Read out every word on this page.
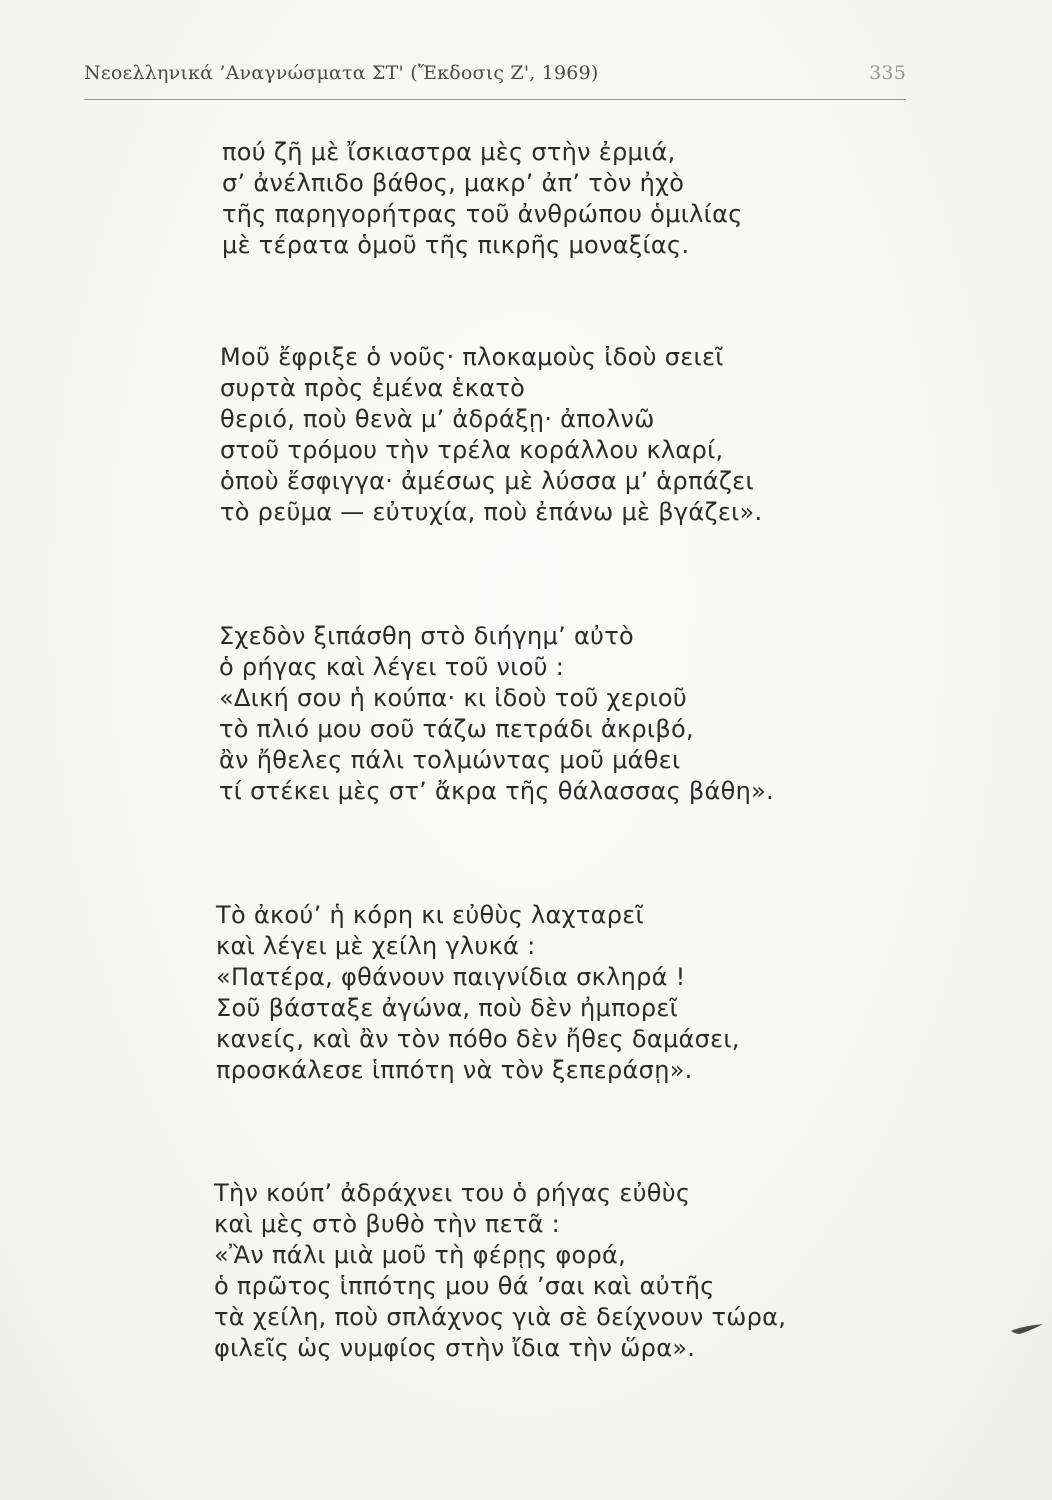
Νεοελληνικά ’Αναγνώσματα ΣΤ' (Ἔκδοσις Ζ', 1969)	335

πού ζῆ μὲ ἴσκιαστρα μὲς στὴν ἐρμιά,
σ’ ἀνέλπιδο βάθος, μακρ’ ἀπ’ τὸν ἠχὸ
τῆς παρηγορήτρας τοῦ ἀνθρώπου ὁμιλίας
μὲ τέρατα ὁμοῦ τῆς πικρῆς μοναξίας.

Μοῦ ἔφριξε ὁ νοῦς· πλοκαμοὺς ἰδοὺ σειεῖ
συρτὰ πρὸς ἐμένα ἑκατὸ
θεριό, ποὺ θενὰ μ’ ἀδράξῃ· ἀπολνῶ
στοῦ τρόμου τὴν τρέλα κοράλλου κλαρί,
ὁποὺ ἔσφιγγα· ἀμέσως μὲ λύσσα μ’ ἁρπάζει
τὸ ρεῦμα — εὐτυχία, ποὺ ἐπάνω μὲ βγάζει».

Σχεδὸν ξιπάσθη στὸ διήγημ’ αὐτὸ
ὁ ρήγας καὶ λέγει τοῦ νιοῦ :
«Δική σου ἡ κούπα· κι ἰδοὺ τοῦ χεριοῦ
τὸ πλιό μου σοῦ τάζω πετράδι ἀκριβό,
ἂν ἤθελες πάλι τολμώντας μοῦ μάθει
τί στέκει μὲς στ’ ἄκρα τῆς θάλασσας βάθη».

Τὸ ἀκού’ ἡ κόρη κι εὐθὺς λαχταρεῖ
καὶ λέγει μὲ χείλη γλυκά :
«Πατέρα, φθάνουν παιγνίδια σκληρά !
Σοῦ βάσταξε ἀγώνα, ποὺ δὲν ἠμπορεῖ
κανείς, καὶ ἂν τὸν πόθο δὲν ἤθες δαμάσει,
προσκάλεσε ἱππότη νὰ τὸν ξεπεράσῃ».

Τὴν κούπ’ ἀδράχνει του ὁ ρήγας εὐθὺς
καὶ μὲς στὸ βυθὸ τὴν πετᾶ :
«Ἂν πάλι μιὰ μοῦ τὴ φέρῃς φορά,
ὁ πρῶτος ἱππότης μου θά ’σαι καὶ αὐτῆς
τὰ χείλη, ποὺ σπλάχνος γιὰ σὲ δείχνουν τώρα,
φιλεῖς ὡς νυμφίος στὴν ἴδια τὴν ὥρα».
